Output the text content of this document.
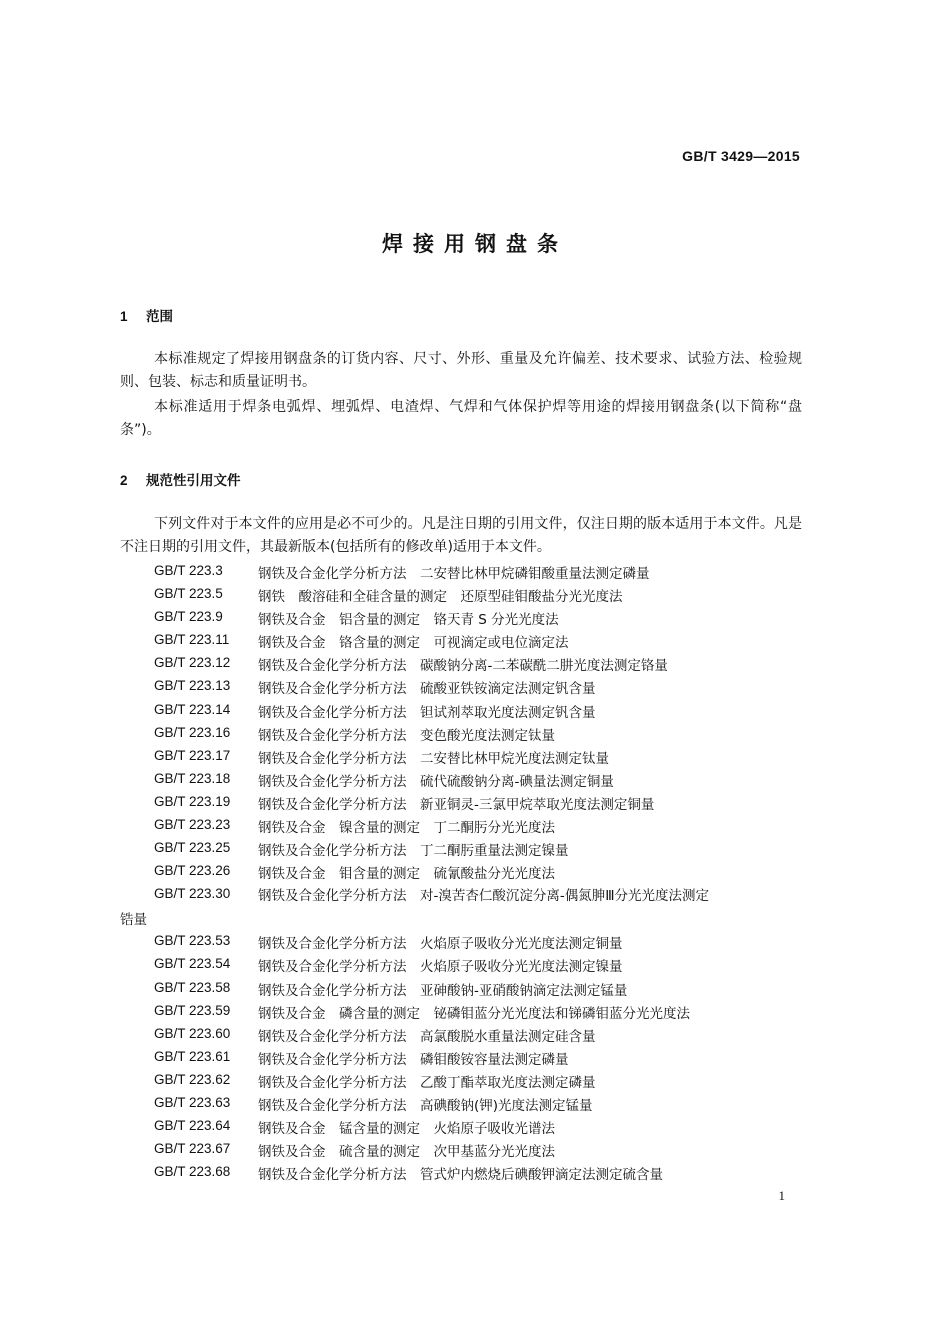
GB/T 3429—2015
焊接用钢盘条
1 范围

本标准规定了焊接用钢盘条的订货内容、尺寸、外形、重量及允许偏差、技术要求、试验方法、检验规则、包装、标志和质量证明书。

本标准适用于焊条电弧焊、埋弧焊、电渣焊、气焊和气体保护焊等用途的焊接用钢盘条(以下简称“盘条”)。

2 规范性引用文件

下列文件对于本文件的应用是必不可少的。凡是注日期的引用文件，仅注日期的版本适用于本文件。凡是不注日期的引用文件，其最新版本(包括所有的修改单)适用于本文件。

GB/T 223.3	钢铁及合金化学分析方法　二安替比林甲烷磷钼酸重量法测定磷量
GB/T 223.5	钢铁　酸溶硅和全硅含量的测定　还原型硅钼酸盐分光光度法
GB/T 223.9	钢铁及合金　铝含量的测定　铬天青 S 分光光度法
GB/T 223.11 钢铁及合金　铬含量的测定　可视滴定或电位滴定法
GB/T 223.12 钢铁及合金化学分析方法　碳酸钠分离-二苯碳酰二肼光度法测定铬量
GB/T 223.13 钢铁及合金化学分析方法　硫酸亚铁铵滴定法测定钒含量
GB/T 223.14 钢铁及合金化学分析方法　钽试剂萃取光度法测定钒含量
GB/T 223.16 钢铁及合金化学分析方法　变色酸光度法测定钛量
GB/T 223.17 钢铁及合金化学分析方法　二安替比林甲烷光度法测定钛量
GB/T 223.18 钢铁及合金化学分析方法　硫代硫酸钠分离-碘量法测定铜量
GB/T 223.19 钢铁及合金化学分析方法　新亚铜灵-三氯甲烷萃取光度法测定铜量
GB/T 223.23 钢铁及合金　镍含量的测定　丁二酮肟分光光度法
GB/T 223.25 钢铁及合金化学分析方法　丁二酮肟重量法测定镍量
GB/T 223.26 钢铁及合金　钼含量的测定　硫氰酸盐分光光度法
GB/T 223.30 钢铁及合金化学分析方法　对-溴苦杏仁酸沉淀分离-偶氮胂Ⅲ分光光度法测定
锆量
GB/T 223.53 钢铁及合金化学分析方法　火焰原子吸收分光光度法测定铜量
GB/T 223.54 钢铁及合金化学分析方法　火焰原子吸收分光光度法测定镍量
GB/T 223.58 钢铁及合金化学分析方法　亚砷酸钠-亚硝酸钠滴定法测定锰量
GB/T 223.59 钢铁及合金　磷含量的测定　铋磷钼蓝分光光度法和锑磷钼蓝分光光度法
GB/T 223.60 钢铁及合金化学分析方法　高氯酸脱水重量法测定硅含量
GB/T 223.61 钢铁及合金化学分析方法　磷钼酸铵容量法测定磷量
GB/T 223.62 钢铁及合金化学分析方法　乙酸丁酯萃取光度法测定磷量
GB/T 223.63 钢铁及合金化学分析方法　高碘酸钠(钾)光度法测定锰量
GB/T 223.64 钢铁及合金　锰含量的测定　火焰原子吸收光谱法
GB/T 223.67 钢铁及合金　硫含量的测定　次甲基蓝分光光度法
GB/T 223.68 钢铁及合金化学分析方法　管式炉内燃烧后碘酸钾滴定法测定硫含量
1
